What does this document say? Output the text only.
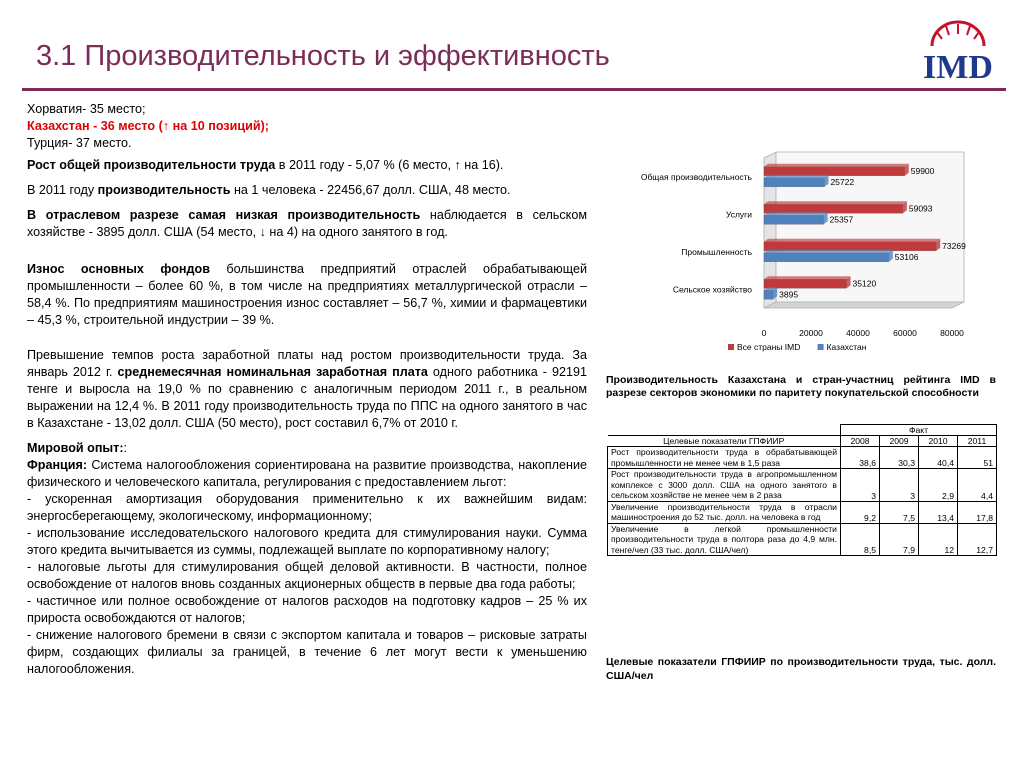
3.1 Производительность и эффективность	IMD

Хорватия- 35 место;

Казахстан - 36 место (↑ на 10 позиций);

Турция- 37 место.

Рост общей производительности труда в 2011 году - 5,07 % (6 место, ↑ на 16).

В 2011 году производительность на 1 человека - 22456,67 долл. США, 48 место.

В отраслевом разрезе самая низкая производительность наблюдается в сельском хозяйстве - 3895 долл. США (54 место, ↓ на 4) на одного занятого в год.

Износ основных фондов большинства предприятий отраслей обрабатывающей промышленности – более 60 %, в том числе на предприятиях металлургической отрасли – 58,4 %. По предприятиям машиностроения износ составляет – 56,7 %, химии и фармацевтики – 45,3 %, строительной индустрии – 39 %.

Превышение темпов роста заработной платы над ростом производительности труда. За январь 2012 г. среднемесячная номинальная заработная плата одного работника - 92191 тенге и выросла на 19,0 % по сравнению с аналогичным периодом 2011 г., в реальном выражении на 12,4 %. В 2011 году производительность труда по ППС на одного занятого в час в Казахстане - 13,02 долл. США (50 место), рост составил 6,7% от 2010 г.

Мировой опыт::

Франция: Система налогообложения сориентирована на развитие производства, накопление физического и человеческого капитала, регулирования с предоставлением льгот:

- ускоренная амортизация оборудования применительно к их важнейшим видам: энергосберегающему, экологическому, информационному;

- использование исследовательского налогового кредита для стимулирования науки. Сумма этого кредита вычитывается из суммы, подлежащей выплате по корпоративному налогу;

- налоговые льготы для стимулирования общей деловой активности. В частности, полное освобождение от налогов вновь созданных акционерных обществ в первые два года работы;

- частичное или полное освобождение от налогов расходов на подготовку кадров – 25 % их прироста освобождаются от налогов;

- снижение налогового бремени в связи с экспортом капитала и товаров – рисковые затраты фирм, создающих филиалы за границей, в течение 6 лет могут вести к уменьшению налогообложения.

Общая производительность
Услуги
Промышленность
Сельское хозяйство
59900
25722
59093
25357
73269
53106
35120
3895
0	20000	40000	60000	80000
Все страны IMD	Казахстан
Производительность Казахстана и стран-участниц рейтинга IMD в разрезе секторов экономики по паритету покупательской способности
	Факт			
Целевые показатели ГПФИИР	2008	2009	2010	2011
Рост производительности труда в обрабатывающей промышленности не менее чем в 1,5 раза	38,6	30,3	40,4	51
Рост производительности труда в агропромышленном комплексе с 3000 долл. США на одного занятого в сельском хозяйстве не менее чем в 2 раза	3	3	2,9	4,4
Увеличение производительности труда в отрасли машиностроения до 52 тыс. долл. на человека в год	9,2	7,5	13,4	17,8
Увеличение в легкой промышленности производительности труда в полтора раза до 4,9 млн. тенге/чел (33 тыс. долл. США/чел)	8,5	7,9	12	12,7
Целевые показатели ГПФИИР по производительности труда, тыс. долл. США/чел
